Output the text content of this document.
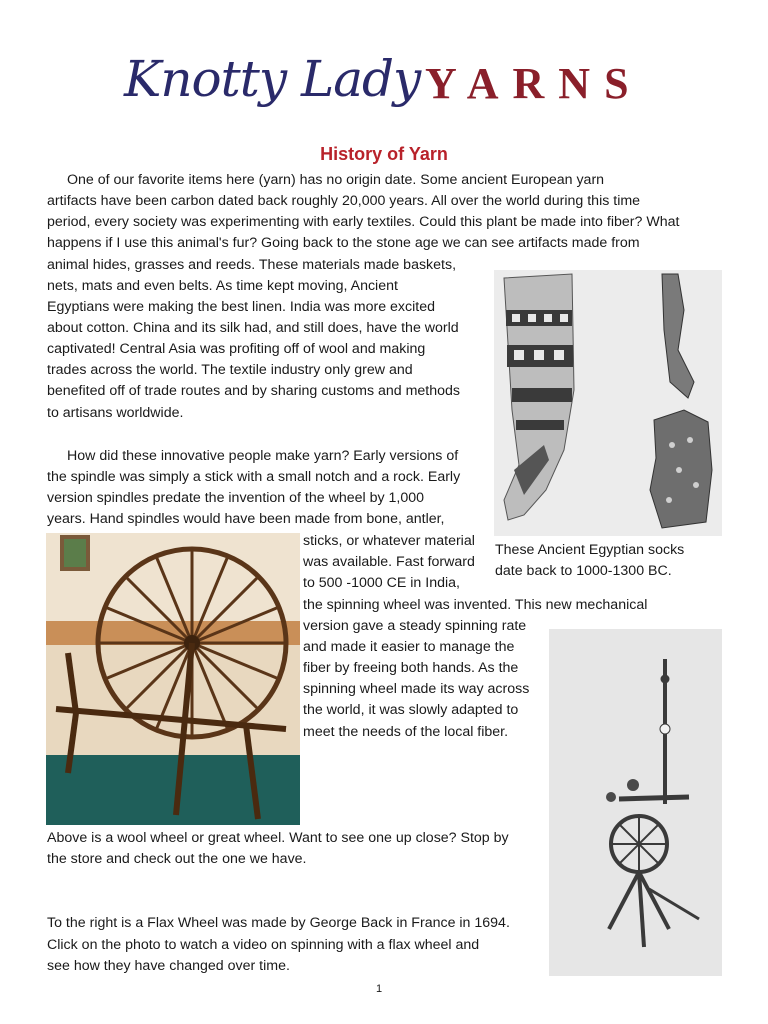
Knotty Lady YARNS
History of Yarn
One of our favorite items here (yarn) has no origin date. Some ancient European yarn
artifacts have been carbon dated back roughly 20,000 years. All over the world during this time
period, every society was experimenting with early textiles. Could this plant be made into fiber? What
happens if I use this animal's fur? Going back to the stone age we can see artifacts made from
animal hides, grasses and reeds. These materials made baskets,
nets, mats and even belts. As time kept moving, Ancient
Egyptians were making the best linen. India was more excited
about cotton. China and its silk had, and still does, have the world
captivated! Central Asia was profiting off of wool and making
trades across the world. The textile industry only grew and
benefited off of trade routes and by sharing customs and methods
to artisans worldwide.
How did these innovative people make yarn? Early versions of
the spindle was simply a stick with a small notch and a rock. Early
version spindles predate the invention of the wheel by 1,000
years. Hand spindles would have been made from bone, antler,
sticks, or whatever material
was available. Fast forward
to 500 -1000 CE in India,
the spinning wheel was invented. This new mechanical
version gave a steady spinning rate
and made it easier to manage the
fiber by freeing both hands. As the
spinning wheel made its way across
the world, it was slowly adapted to
meet the needs of the local fiber.
Above is a wool wheel or great wheel. Want to see one up close? Stop by
the store and check out the one we have.
To the right is a Flax Wheel was made by George Back in France in 1694.
Click on the photo to watch a video on spinning with a flax wheel and
see how they have changed over time.
These Ancient Egyptian socks
date back to 1000-1300 BC.
1
